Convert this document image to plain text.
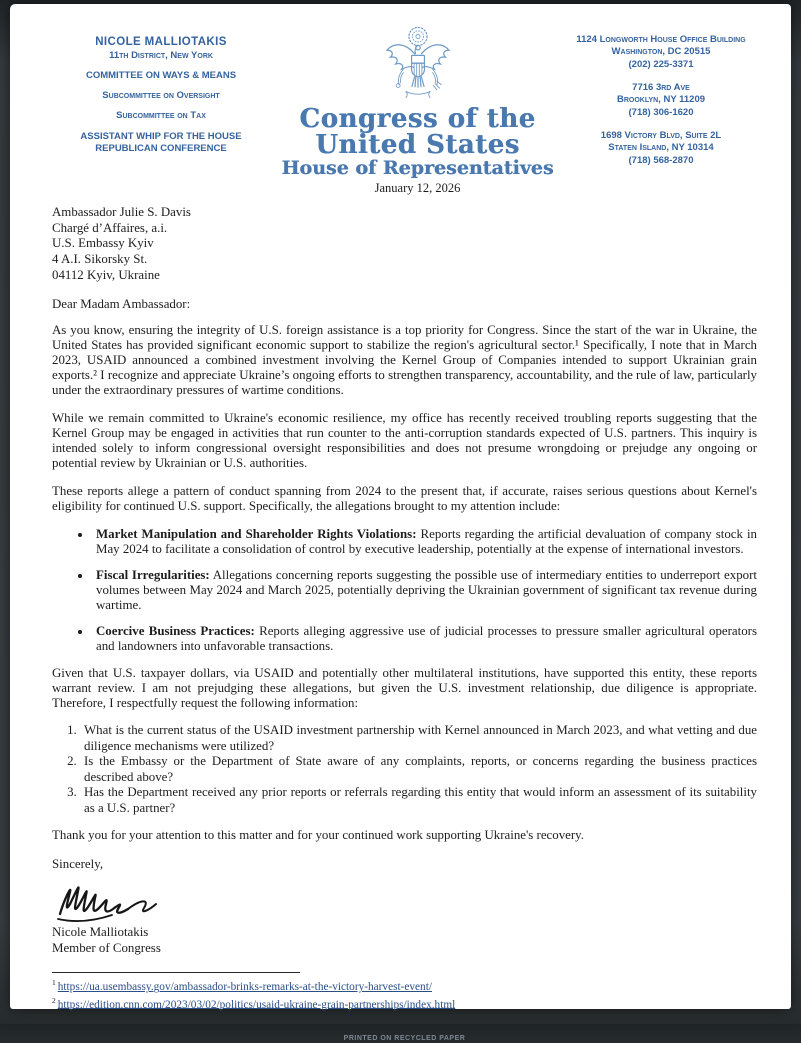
NICOLE MALLIOTAKIS
11th District, New York
COMMITTEE ON WAYS & MEANS
Subcommittee on Oversight
Subcommittee on Tax
ASSISTANT WHIP FOR THE HOUSE
REPUBLICAN CONFERENCE
Congress of the United States
House of Representatives
January 12, 2026
1124 Longworth House Office Building
Washington, DC 20515
(202) 225-3371
7716 3rd Ave
Brooklyn, NY 11209
(718) 306-1620
1698 Victory Blvd, Suite 2L
Staten Island, NY 10314
(718) 568-2870
Ambassador Julie S. Davis
Chargé d’Affaires, a.i.
U.S. Embassy Kyiv
4 A.I. Sikorsky St.
04112 Kyiv, Ukraine
Dear Madam Ambassador:

As you know, ensuring the integrity of U.S. foreign assistance is a top priority for Congress. Since the start of the war in Ukraine, the United States has provided significant economic support to stabilize the region's agricultural sector.¹ Specifically, I note that in March 2023, USAID announced a combined investment involving the Kernel Group of Companies intended to support Ukrainian grain exports.² I recognize and appreciate Ukraine’s ongoing efforts to strengthen transparency, accountability, and the rule of law, particularly under the extraordinary pressures of wartime conditions.

While we remain committed to Ukraine's economic resilience, my office has recently received troubling reports suggesting that the Kernel Group may be engaged in activities that run counter to the anti-corruption standards expected of U.S. partners. This inquiry is intended solely to inform congressional oversight responsibilities and does not presume wrongdoing or prejudge any ongoing or potential review by Ukrainian or U.S. authorities.

These reports allege a pattern of conduct spanning from 2024 to the present that, if accurate, raises serious questions about Kernel's eligibility for continued U.S. support. Specifically, the allegations brought to my attention include:

• Market Manipulation and Shareholder Rights Violations: Reports regarding the artificial devaluation of company stock in May 2024 to facilitate a consolidation of control by executive leadership, potentially at the expense of international investors.
• Fiscal Irregularities: Allegations concerning reports suggesting the possible use of intermediary entities to underreport export volumes between May 2024 and March 2025, potentially depriving the Ukrainian government of significant tax revenue during wartime.
• Coercive Business Practices: Reports alleging aggressive use of judicial processes to pressure smaller agricultural operators and landowners into unfavorable transactions.

Given that U.S. taxpayer dollars, via USAID and potentially other multilateral institutions, have supported this entity, these reports warrant review. I am not prejudging these allegations, but given the U.S. investment relationship, due diligence is appropriate. Therefore, I respectfully request the following information:

1. What is the current status of the USAID investment partnership with Kernel announced in March 2023, and what vetting and due diligence mechanisms were utilized?
2. Is the Embassy or the Department of State aware of any complaints, reports, or concerns regarding the business practices described above?
3. Has the Department received any prior reports or referrals regarding this entity that would inform an assessment of its suitability as a U.S. partner?

Thank you for your attention to this matter and for your continued work supporting Ukraine's recovery.

Sincerely,
Nicole Malliotakis
Member of Congress
$^1$ https://ua.usembassy.gov/ambassador-brinks-remarks-at-the-victory-harvest-event/
$^2$ https://edition.cnn.com/2023/03/02/politics/usaid-ukraine-grain-partnerships/index.html
PRINTED ON RECYCLED PAPER
